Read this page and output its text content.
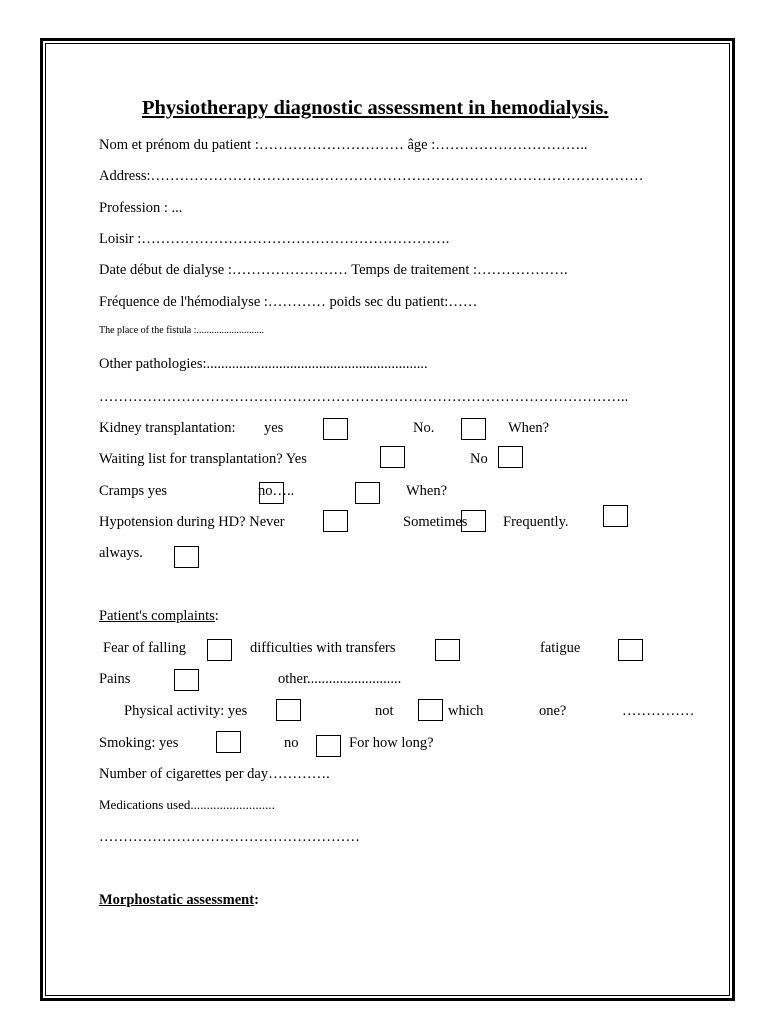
Physiotherapy diagnostic assessment in hemodialysis.
Nom et prénom du patient :………………………… âge :…………………………..
Address:…………………………………………………………………………………………
Profession : ...
Loisir :……………………………………………………….
Date début de dialyse :…………………… Temps de traitement :……………….
Fréquence de l'hémodialyse :………… poids sec du patient:……
The place of the fistula :...........................
Other pathologies:.............................................................
………………………………………………………………………………………………..
Kidney transplantation: yes	No.	When?
Waiting list for transplantation? Yes	No
Cramps yes	no…..	When?
Hypotension during HD? Never	Sometimes Frequently.
always.
Patient's complaints:
Fear of falling	difficulties with transfers	fatigue
Pains	other..........................
Physical activity: yes	not	which	one?	……………
Smoking: yes	no	For how long?
Number of cigarettes per day………….
Medications used..........................
………………………………………………
Morphostatic assessment:
